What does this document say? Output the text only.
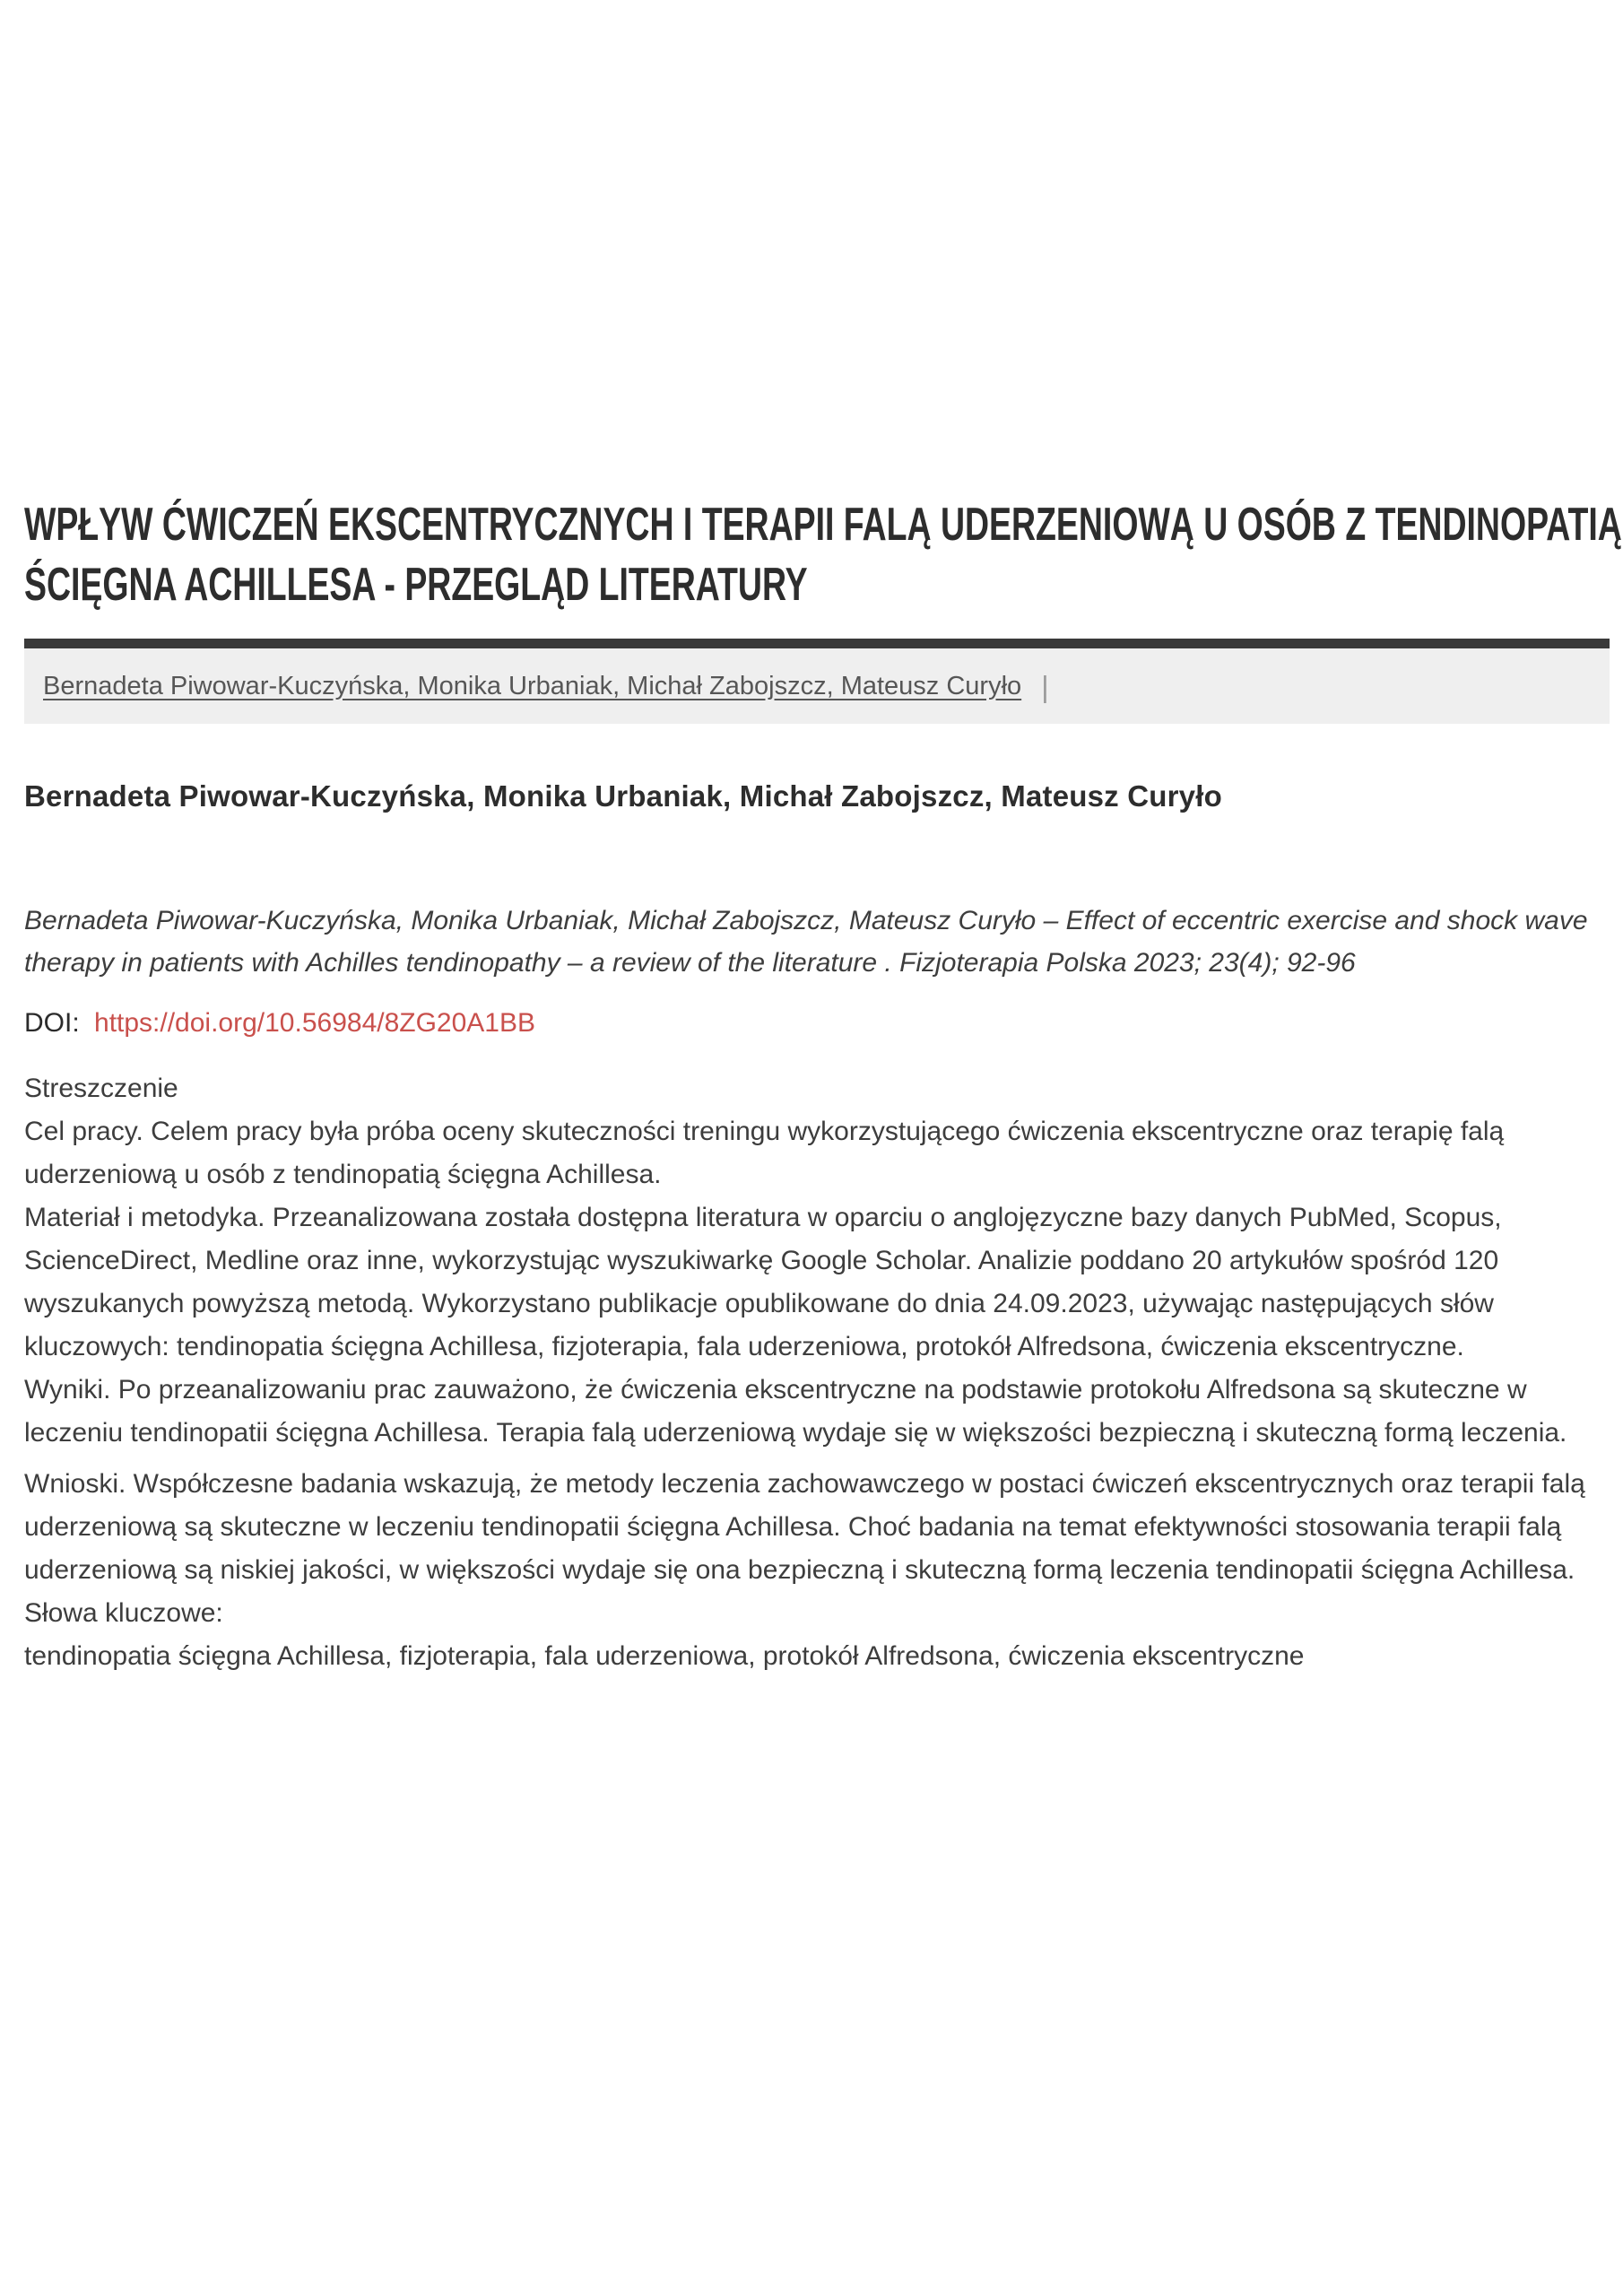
WPŁYW ĆWICZEŃ EKSCENTRYCZNYCH I TERAPII FALĄ UDERZENIOWĄ U OSÓB Z TENDINOPATIĄ
ŚCIĘGNA ACHILLESA - PRZEGLĄD LITERATURY
Bernadeta Piwowar-Kuczyńska, Monika Urbaniak, Michał Zabojszcz, Mateusz Curyło |
Bernadeta Piwowar-Kuczyńska, Monika Urbaniak, Michał Zabojszcz, Mateusz Curyło

Bernadeta Piwowar-Kuczyńska, Monika Urbaniak, Michał Zabojszcz, Mateusz Curyło – Effect of eccentric exercise and shock wave therapy in patients with Achilles tendinopathy – a review of the literature . Fizjoterapia Polska 2023; 23(4); 92-96

DOI: https://doi.org/10.56984/8ZG20A1BB

Streszczenie

Cel pracy. Celem pracy była próba oceny skuteczności treningu wykorzystującego ćwiczenia ekscentryczne oraz terapię falą uderzeniową u osób z tendinopatią ścięgna Achillesa.

Materiał i metodyka. Przeanalizowana została dostępna literatura w oparciu o anglojęzyczne bazy danych PubMed, Scopus, ScienceDirect, Medline oraz inne, wykorzystując wyszukiwarkę Google Scholar. Analizie poddano 20 artykułów spośród 120 wyszukanych powyższą metodą. Wykorzystano publikacje opublikowane do dnia 24.09.2023, używając następujących słów kluczowych: tendinopatia ścięgna Achillesa, fizjoterapia, fala uderzeniowa, protokół Alfredsona, ćwiczenia ekscentryczne.

Wyniki. Po przeanalizowaniu prac zauważono, że ćwiczenia ekscentryczne na podstawie protokołu Alfredsona są skuteczne w leczeniu tendinopatii ścięgna Achillesa. Terapia falą uderzeniową wydaje się w większości bezpieczną i skuteczną formą leczenia.

Wnioski. Współczesne badania wskazują, że metody leczenia zachowawczego w postaci ćwiczeń ekscentrycznych oraz terapii falą uderzeniową są skuteczne w leczeniu tendinopatii ścięgna Achillesa. Choć badania na temat efektywności stosowania terapii falą uderzeniową są niskiej jakości, w większości wydaje się ona bezpieczną i skuteczną formą leczenia tendinopatii ścięgna Achillesa.

Słowa kluczowe:

tendinopatia ścięgna Achillesa, fizjoterapia, fala uderzeniowa, protokół Alfredsona, ćwiczenia ekscentryczne
